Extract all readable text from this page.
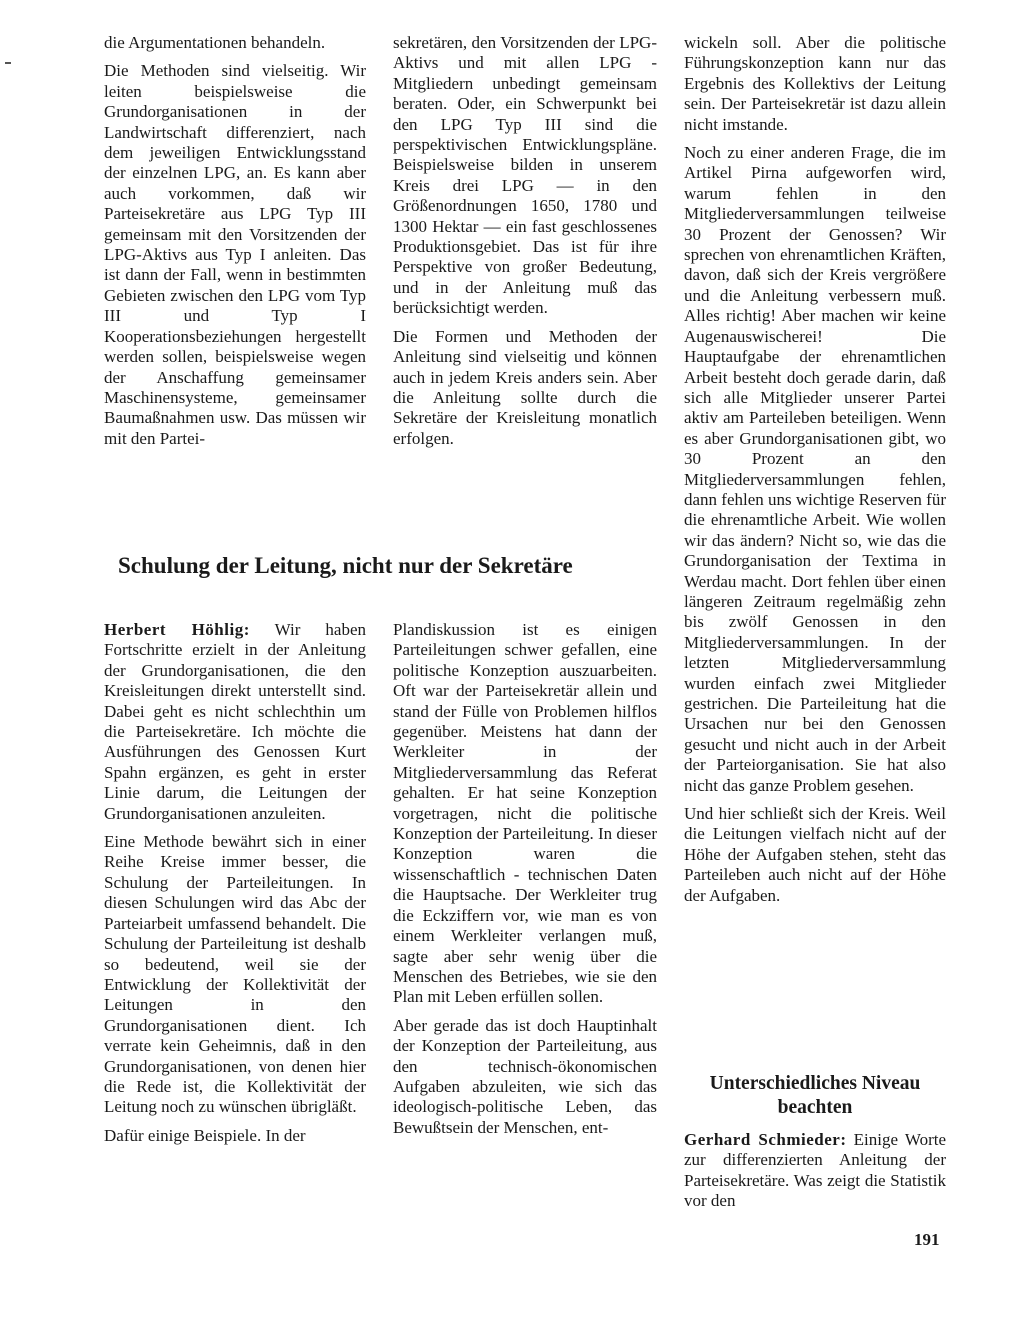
die Argumentationen behandeln.

Die Methoden sind vielseitig. Wir leiten beispielsweise die Grundorganisationen in der Landwirtschaft differenziert, nach dem jeweiligen Entwicklungsstand der einzelnen LPG, an. Es kann aber auch vorkommen, daß wir Parteisekretäre aus LPG Typ III gemeinsam mit den Vorsitzenden der LPG-Aktivs aus Typ I anleiten. Das ist dann der Fall, wenn in bestimmten Gebieten zwischen den LPG vom Typ III und Typ I Kooperationsbeziehungen hergestellt werden sollen, beispielsweise wegen der Anschaffung gemeinsamer Maschinensysteme, gemeinsamer Baumaßnahmen usw. Das müssen wir mit den Partei-

sekretären, den Vorsitzenden der LPG-Aktivs und mit allen LPG - Mitgliedern unbedingt gemeinsam beraten. Oder, ein Schwerpunkt bei den LPG Typ III sind die perspektivischen Entwicklungspläne. Beispielsweise bilden in unserem Kreis drei LPG — in den Größenordnungen 1650, 1780 und 1300 Hektar — ein fast geschlossenes Produktionsgebiet. Das ist für ihre Perspektive von großer Bedeutung, und in der Anleitung muß das berücksichtigt werden.

Die Formen und Methoden der Anleitung sind vielseitig und können auch in jedem Kreis anders sein. Aber die Anleitung sollte durch die Sekretäre der Kreisleitung monatlich erfolgen.

Schulung der Leitung, nicht nur der Sekretäre

Herbert Höhlig: Wir haben Fortschritte erzielt in der Anleitung der Grundorganisationen, die den Kreisleitungen direkt unterstellt sind. Dabei geht es nicht schlechthin um die Parteisekretäre. Ich möchte die Ausführungen des Genossen Kurt Spahn ergänzen, es geht in erster Linie darum, die Leitungen der Grundorganisationen anzuleiten.

Eine Methode bewährt sich in einer Reihe Kreise immer besser, die Schulung der Parteileitungen. In diesen Schulungen wird das Abc der Parteiarbeit umfassend behandelt. Die Schulung der Parteileitung ist deshalb so bedeutend, weil sie der Entwicklung der Kollektivität der Leitungen in den Grundorganisationen dient. Ich verrate kein Geheimnis, daß in den Grundorganisationen, von denen hier die Rede ist, die Kollektivität der Leitung noch zu wünschen übrigläßt.

Dafür einige Beispiele. In der

Plandiskussion ist es einigen Parteileitungen schwer gefallen, eine politische Konzeption auszuarbeiten. Oft war der Parteisekretär allein und stand der Fülle von Problemen hilflos gegenüber. Meistens hat dann der Werkleiter in der Mitgliederversammlung das Referat gehalten. Er hat seine Konzeption vorgetragen, nicht die politische Konzeption der Parteileitung. In dieser Konzeption waren die wissenschaftlich - technischen Daten die Hauptsache. Der Werkleiter trug die Eckziffern vor, wie man es von einem Werkleiter verlangen muß, sagte aber sehr wenig über die Menschen des Betriebes, wie sie den Plan mit Leben erfüllen sollen.

Aber gerade das ist doch Hauptinhalt der Konzeption der Parteileitung, aus den technisch-ökonomischen Aufgaben abzuleiten, wie sich das ideologisch-politische Leben, das Bewußtsein der Menschen, ent-

wickeln soll. Aber die politische Führungskonzeption kann nur das Ergebnis des Kollektivs der Leitung sein. Der Parteisekretär ist dazu allein nicht imstande.

Noch zu einer anderen Frage, die im Artikel Pirna aufgeworfen wird, warum fehlen in den Mitgliederversammlungen teilweise 30 Prozent der Genossen? Wir sprechen von ehrenamtlichen Kräften, davon, daß sich der Kreis vergrößere und die Anleitung verbessern muß. Alles richtig! Aber machen wir keine Augenauswischerei! Die Hauptaufgabe der ehrenamtlichen Arbeit besteht doch gerade darin, daß sich alle Mitglieder unserer Partei aktiv am Parteileben beteiligen. Wenn es aber Grundorganisationen gibt, wo 30 Prozent an den Mitgliederversammlungen fehlen, dann fehlen uns wichtige Reserven für die ehrenamtliche Arbeit. Wie wollen wir das ändern? Nicht so, wie das die Grundorganisation der Textima in Werdau macht. Dort fehlen über einen längeren Zeitraum regelmäßig zehn bis zwölf Genossen in den Mitgliederversammlungen. In der letzten Mitgliederversammlung wurden einfach zwei Mitglieder gestrichen. Die Parteileitung hat die Ursachen nur bei den Genossen gesucht und nicht auch in der Arbeit der Parteiorganisation. Sie hat also nicht das ganze Problem gesehen.

Und hier schließt sich der Kreis. Weil die Leitungen vielfach nicht auf der Höhe der Aufgaben stehen, steht das Parteileben auch nicht auf der Höhe der Aufgaben.

Unterschiedliches Niveau
beachten

Gerhard Schmieder: Einige Worte zur differenzierten Anleitung der Parteisekretäre. Was zeigt die Statistik vor den

191
